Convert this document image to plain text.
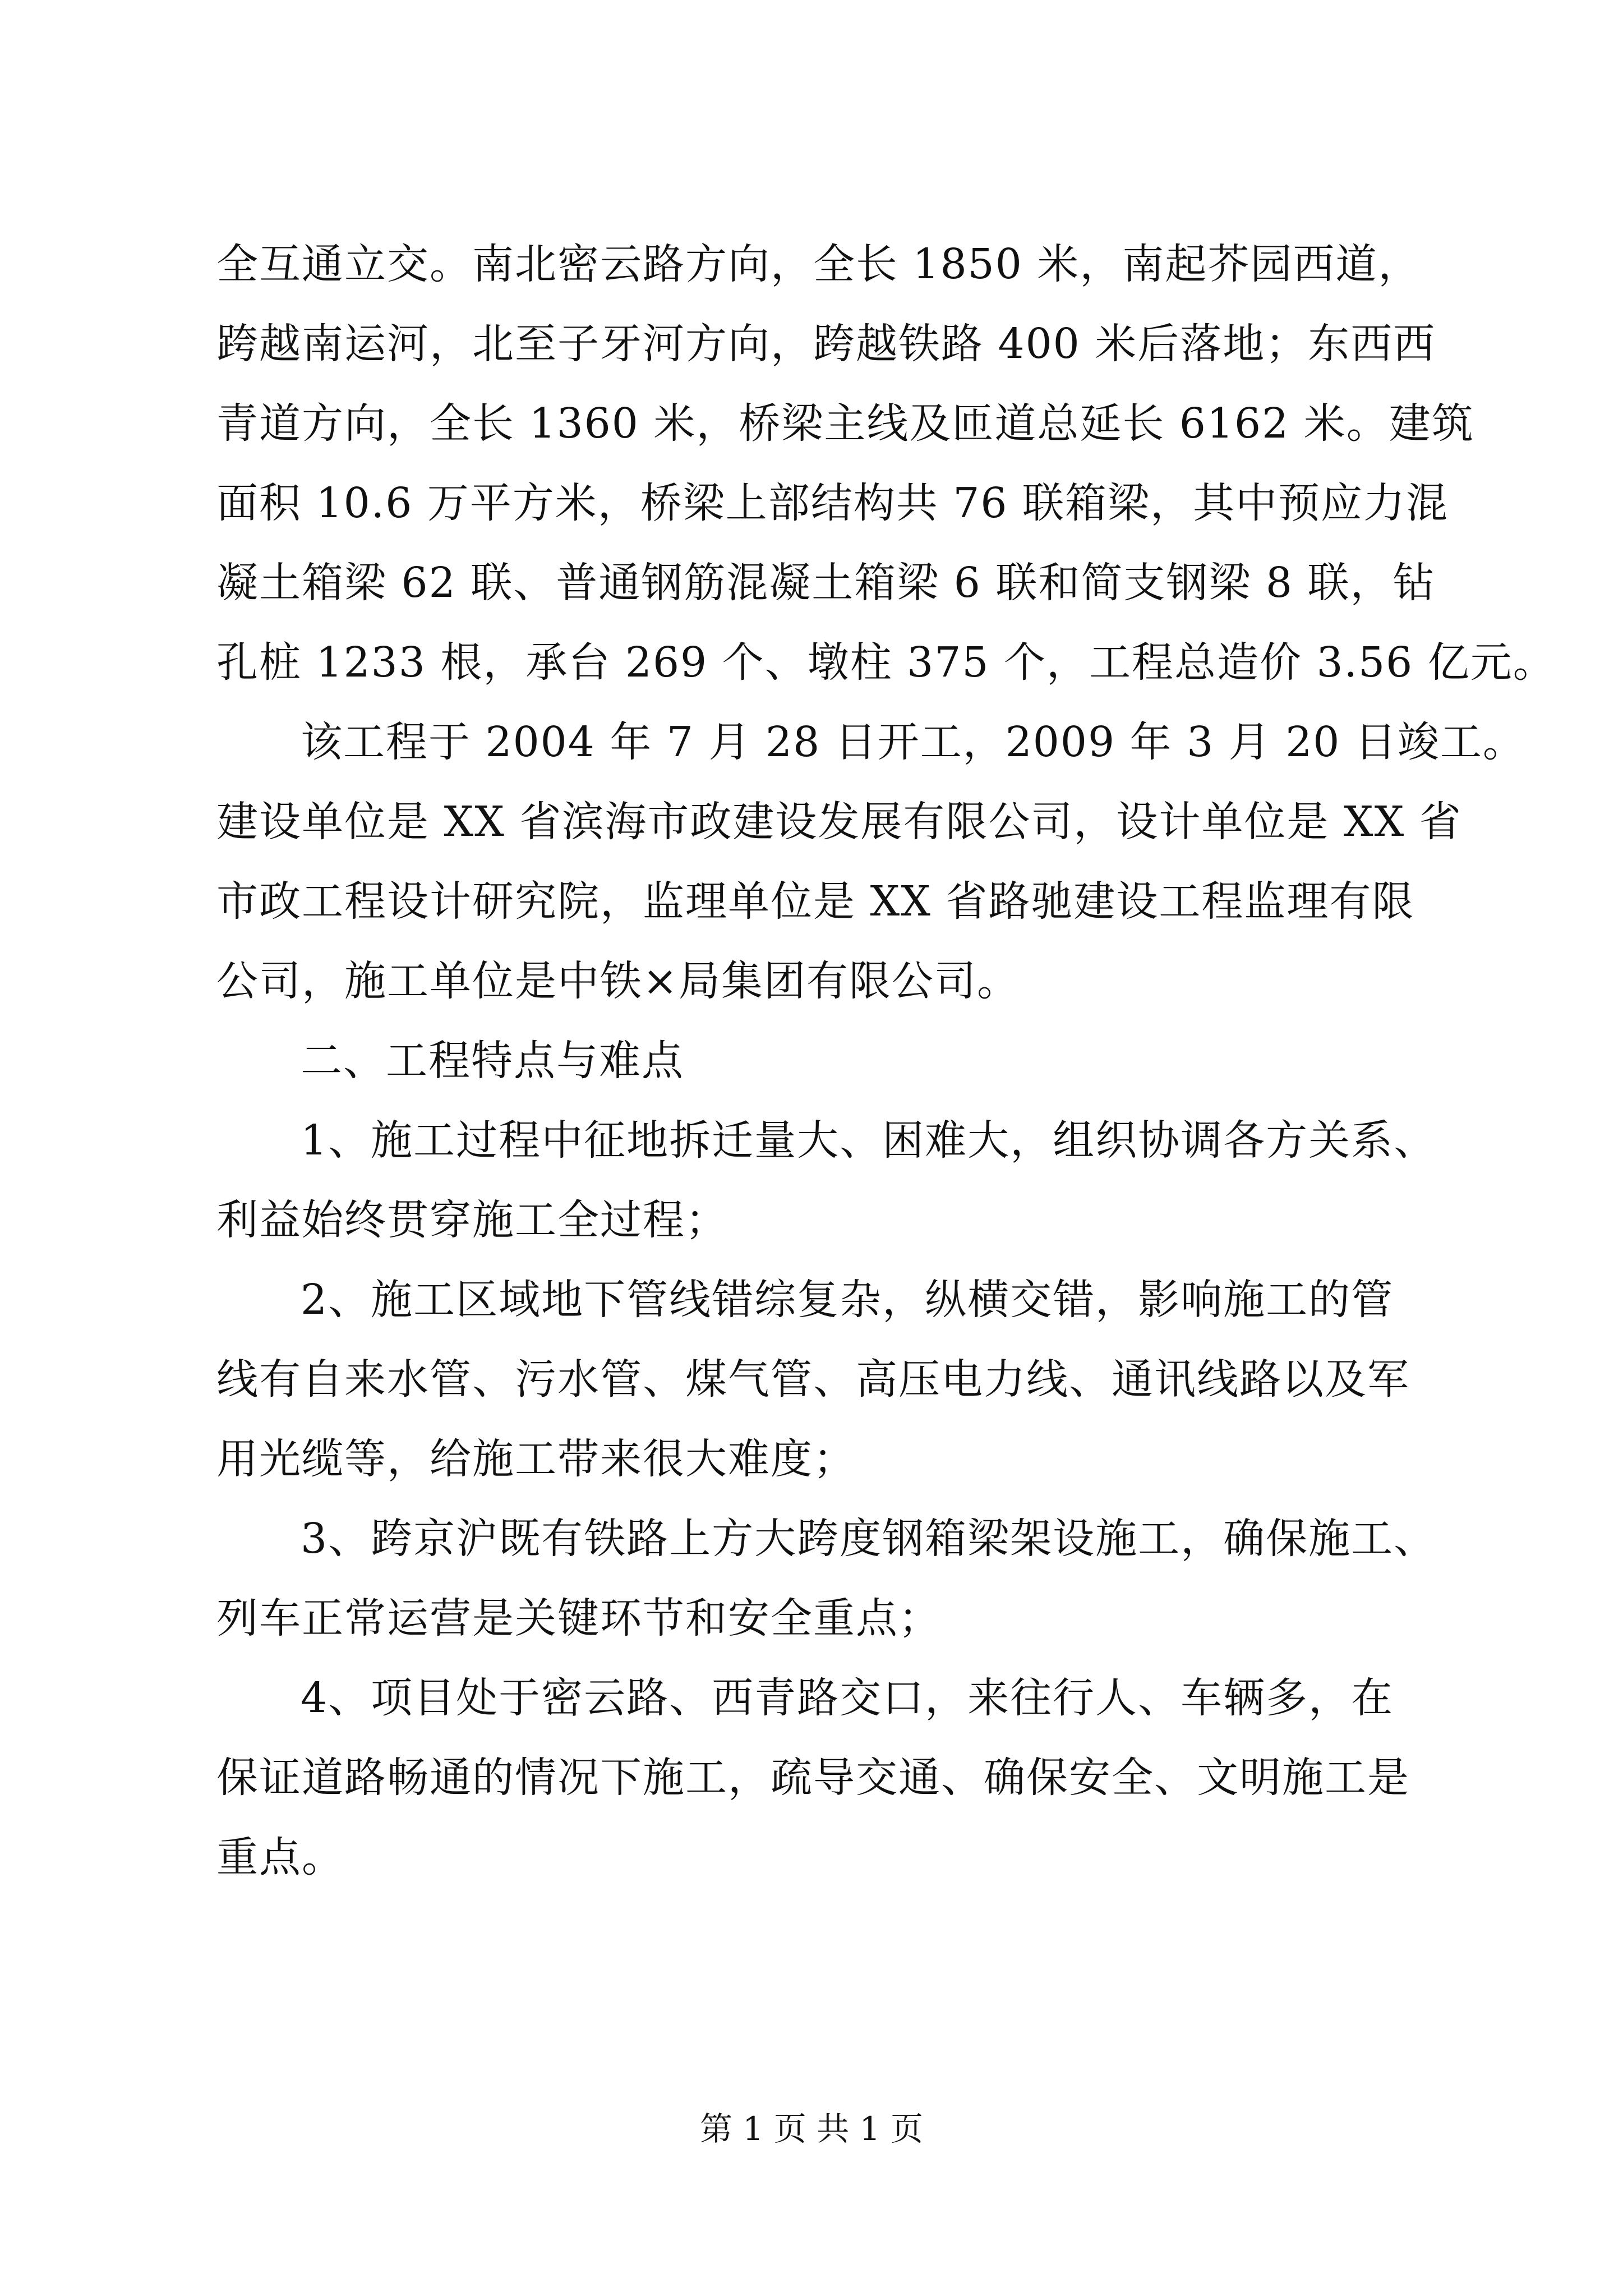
全互通立交。南北密云路方向，全长 1850 米，南起芥园西道，
跨越南运河，北至子牙河方向，跨越铁路 400 米后落地；东西西
青道方向，全长 1360 米，桥梁主线及匝道总延长 6162 米。建筑
面积 10.6 万平方米，桥梁上部结构共 76 联箱梁，其中预应力混
凝土箱梁 62 联、普通钢筋混凝土箱梁 6 联和简支钢梁 8 联，钻
孔桩 1233 根，承台 269 个、墩柱 375 个，工程总造价 3.56 亿元。
该工程于 2004 年 7 月 28 日开工，2009 年 3 月 20 日竣工。
建设单位是 XX 省滨海市政建设发展有限公司，设计单位是 XX 省
市政工程设计研究院，监理单位是 XX 省路驰建设工程监理有限
公司，施工单位是中铁×局集团有限公司。
二、工程特点与难点
1、施工过程中征地拆迁量大、困难大，组织协调各方关系、
利益始终贯穿施工全过程；
2、施工区域地下管线错综复杂，纵横交错，影响施工的管
线有自来水管、污水管、煤气管、高压电力线、通讯线路以及军
用光缆等，给施工带来很大难度；
3、跨京沪既有铁路上方大跨度钢箱梁架设施工，确保施工、
列车正常运营是关键环节和安全重点；
4、项目处于密云路、西青路交口，来往行人、车辆多，在
保证道路畅通的情况下施工，疏导交通、确保安全、文明施工是
重点。
第 1 页 共 1 页
